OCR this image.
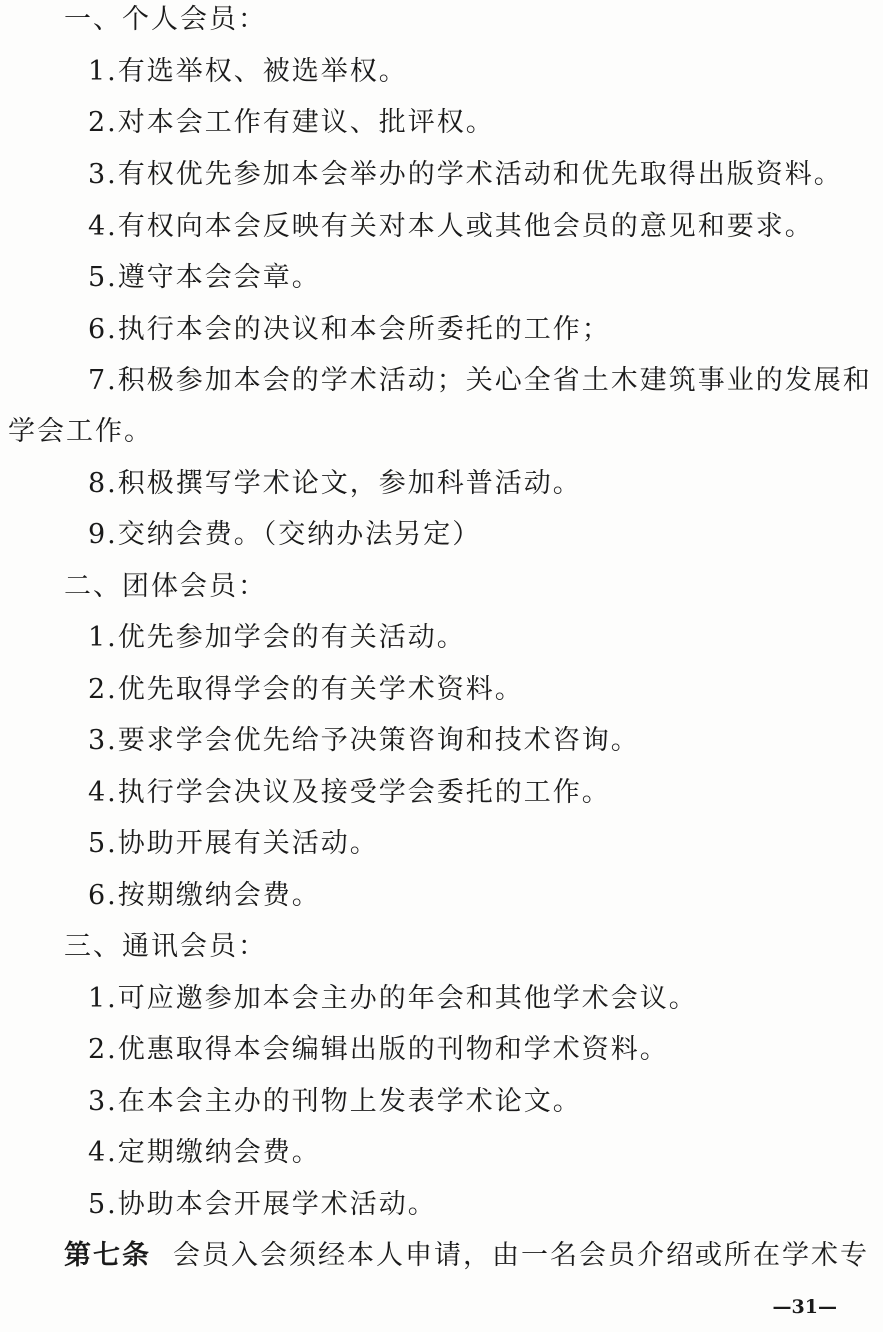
一、个人会员：

1.有选举权、被选举权。

2.对本会工作有建议、批评权。

3.有权优先参加本会举办的学术活动和优先取得出版资料。

4.有权向本会反映有关对本人或其他会员的意见和要求。

5.遵守本会会章。

6.执行本会的决议和本会所委托的工作；

7.积极参加本会的学术活动；关心全省土木建筑事业的发展和

学会工作。

8.积极撰写学术论文，参加科普活动。

9.交纳会费。（交纳办法另定）

二、团体会员：

1.优先参加学会的有关活动。

2.优先取得学会的有关学术资料。

3.要求学会优先给予决策咨询和技术咨询。

4.执行学会决议及接受学会委托的工作。

5.协助开展有关活动。

6.按期缴纳会费。

三、通讯会员：

1.可应邀参加本会主办的年会和其他学术会议。

2.优惠取得本会编辑出版的刊物和学术资料。

3.在本会主办的刊物上发表学术论文。

4.定期缴纳会费。

5.协助本会开展学术活动。

第七条 会员入会须经本人申请，由一名会员介绍或所在学术专

—31—
